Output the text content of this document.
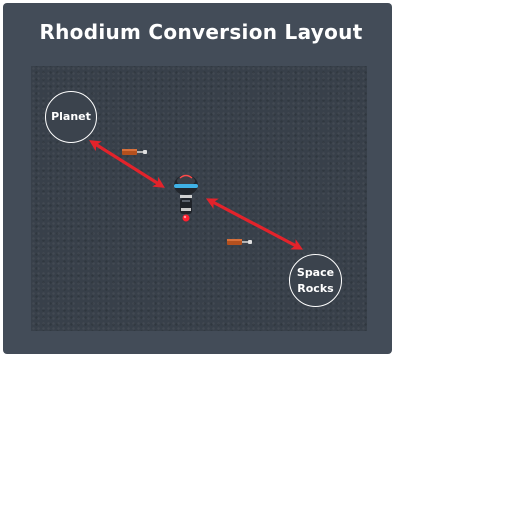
Rhodium Conversion Layout
Planet
Space Rocks
